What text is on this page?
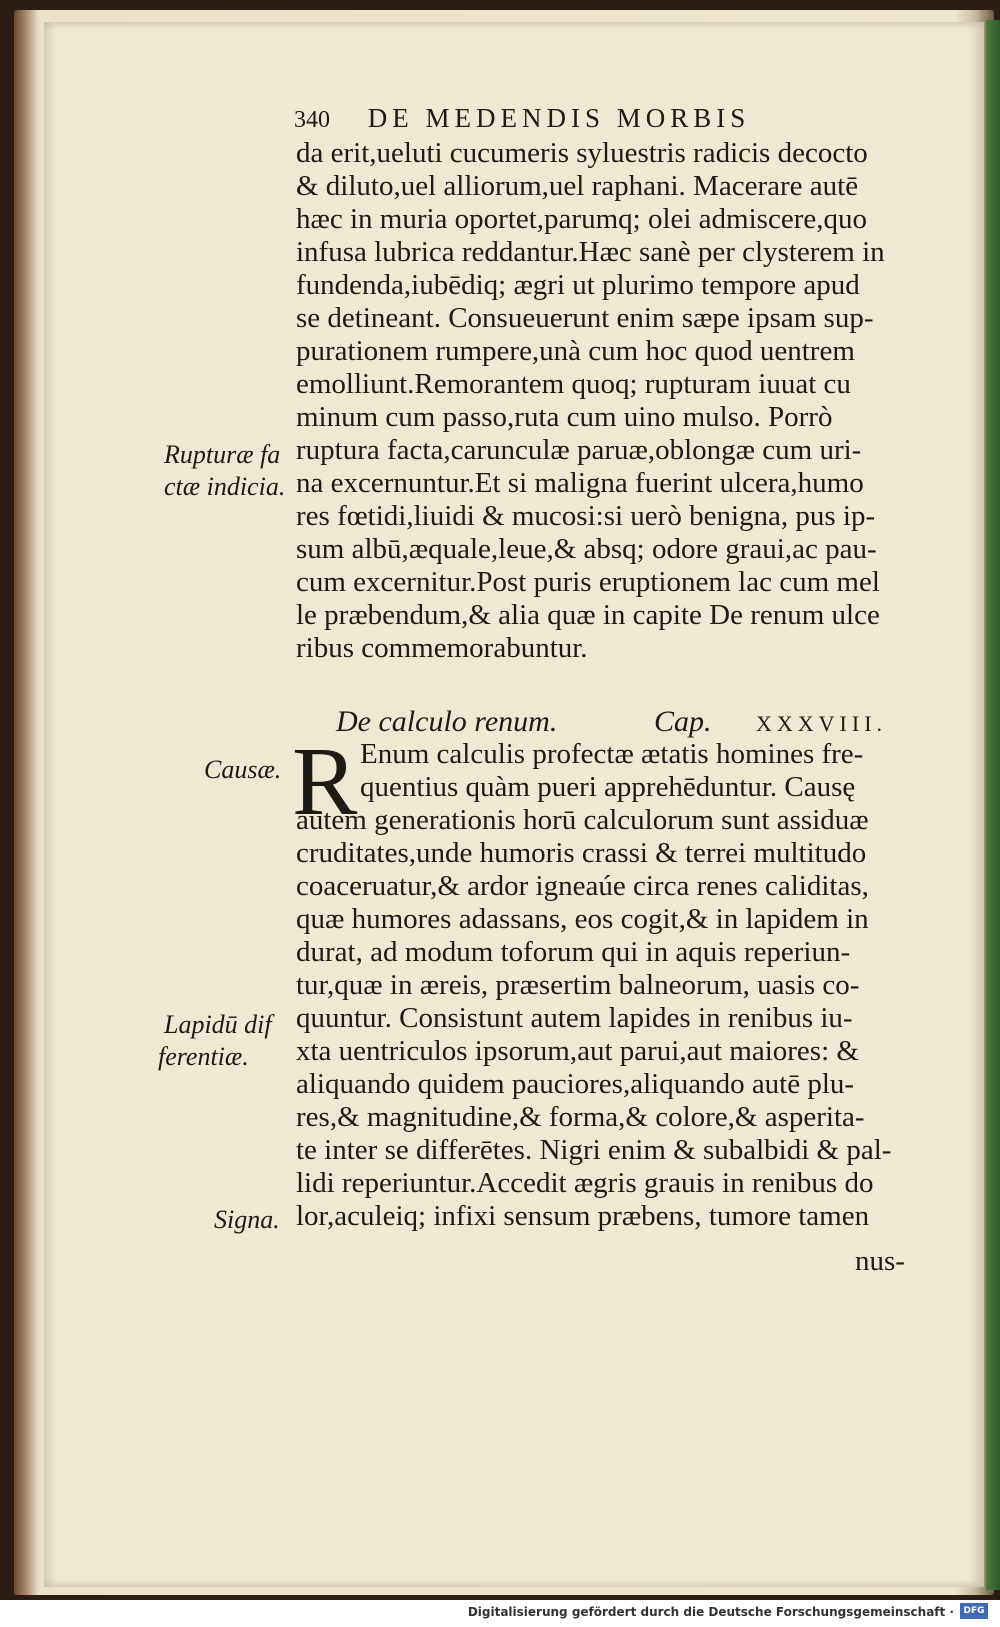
340 DE MEDENDIS MORBIS
da erit,ueluti cucumeris syluestris radicis decocto
& diluto,uel alliorum,uel raphani. Macerare autē
hæc in muria oportet,parumq; olei admiscere,quo
infusa lubrica reddantur.Hæc sanè per clysterem in
fundenda,iubēdiq; ægri ut plurimo tempore apud
se detineant. Consueuerunt enim sæpe ipsam sup-
purationem rumpere,unà cum hoc quod uentrem
emolliunt.Remorantem quoq; rupturam iuuat cu
minum cum passo,ruta cum uino mulso. Porrò
ruptura facta,carunculæ paruæ,oblongæ cum uri-
na excernuntur.Et si maligna fuerint ulcera,humo
res fœtidi,liuidi & mucosi:si uerò benigna, pus ip-
sum albū,æquale,leue,& absq; odore graui,ac pau-
cum excernitur.Post puris eruptionem lac cum mel
le præbendum,& alia quæ in capite De renum ulce
ribus commemorabuntur.
De calculo renum.	Cap. XXXVIII.
R Enum calculis profectæ ætatis homines fre-
quentius quàm pueri apprehēduntur. Causę
autem generationis horū calculorum sunt assiduæ
cruditates,unde humoris crassi & terrei multitudo
coaceruatur,& ardor igneaúe circa renes caliditas,
quæ humores adassans, eos cogit,& in lapidem in
durat, ad modum toforum qui in aquis reperiun-
tur,quæ in æreis, præsertim balneorum, uasis co-
quuntur. Consistunt autem lapides in renibus iu-
xta uentriculos ipsorum,aut parui,aut maiores: &
aliquando quidem pauciores,aliquando autē plu-
res,& magnitudine,& forma,& colore,& asperita-
te inter se differētes. Nigri enim & subalbidi & pal-
lidi reperiuntur.Accedit ægris grauis in renibus do
lor,aculeiq; infixi sensum præbens, tumore tamen
nus-
Rupturæ fa
ctæ indicia.
Causæ.
Lapidū dif
ferentiæ.
Signa.
Digitalisierung gefördert durch die Deutsche Forschungsgemeinschaft ·	DFG
